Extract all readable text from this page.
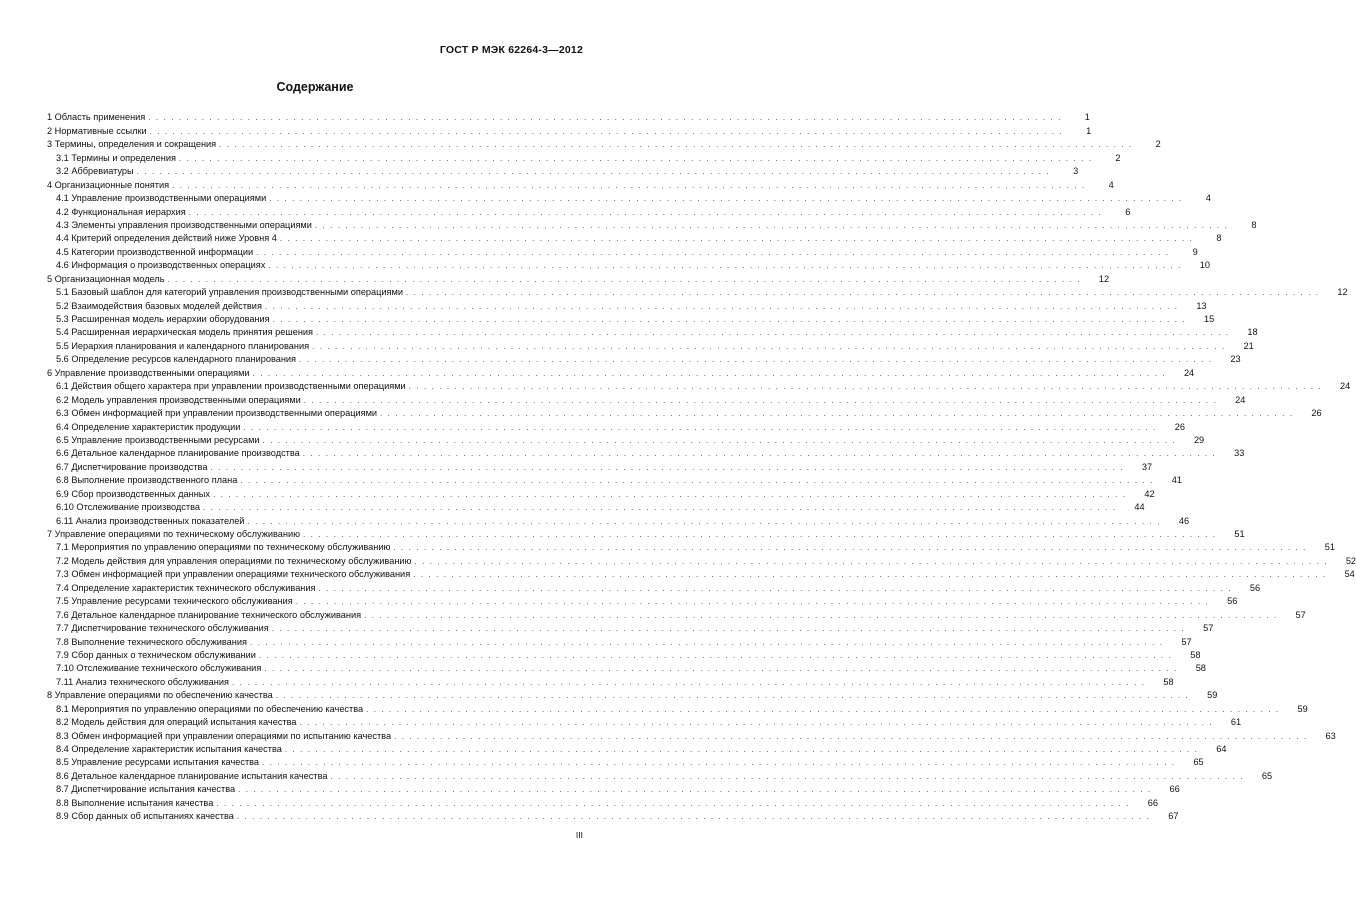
ГОСТ Р МЭК 62264-3—2012
Содержание
1 Область применения . . . . . . . . . . . . . . . . . . . . . . . . . . . . . . . . . . . . . . . . . . . . . . . . . . . . . . . . . . . . . . . . . . . . . . . . . . . . . . . . . . . . . . . . . . . . . . . . . . . . . . . . . . . . . . . . . . . . . . . .	1
2 Нормативные ссылки . . . . . . . . . . . . . . . . . . . . . . . . . . . . . . . . . . . . . . . . . . . . . . . . . . . . . . . . . . . . . . . . . . . . . . . . . . . . . . . . . . . . . . . . . . . . . . . . . . . . . . . . . . . . . . . . . . . . . . . .	1
3 Термины, определения и сокращения . . . . . . . . . . . . . . . . . . . . . . . . . . . . . . . . . . . . . . . . . . . . . . . . . . . . . . . . . . . . . . . . . . . . . . . . . . . . . . . . . . . . . . . . . . . . . . . . . . . . . . . . . . . . . . . . . . . . . . . .	2
3.1 Термины и определения . . . . . . . . . . . . . . . . . . . . . . . . . . . . . . . . . . . . . . . . . . . . . . . . . . . . . . . . . . . . . . . . . . . . . . . . . . . . . . . . . . . . . . . . . . . . . . . . . . . . . . . . . . . . . . . . . . . . . . . .	2
3.2 Аббревиатуры . . . . . . . . . . . . . . . . . . . . . . . . . . . . . . . . . . . . . . . . . . . . . . . . . . . . . . . . . . . . . . . . . . . . . . . . . . . . . . . . . . . . . . . . . . . . . . . . . . . . . . . . . . . . . . . . . . . . . . . .	3
4 Организационные понятия . . . . . . . . . . . . . . . . . . . . . . . . . . . . . . . . . . . . . . . . . . . . . . . . . . . . . . . . . . . . . . . . . . . . . . . . . . . . . . . . . . . . . . . . . . . . . . . . . . . . . . . . . . . . . . . . . . . . . . . .	4
4.1 Управление производственными операциями . . . . . . . . . . . . . . . . . . . . . . . . . . . . . . . . . . . . . . . . . . . . . . . . . . . . . . . . . . . . . . . . . . . . . . . . . . . . . . . . . . . . . . . . . . . . . . . . . . . . . . . . . . . . . . . . . . . . . . . .	4
4.2 Функциональная иерархия . . . . . . . . . . . . . . . . . . . . . . . . . . . . . . . . . . . . . . . . . . . . . . . . . . . . . . . . . . . . . . . . . . . . . . . . . . . . . . . . . . . . . . . . . . . . . . . . . . . . . . . . . . . . . . . . . . . . . . . .	6
4.3 Элементы управления производственными операциями . . . . . . . . . . . . . . . . . . . . . . . . . . . . . . . . . . . . . . . . . . . . . . . . . . . . . . . . . . . . . . . . . . . . . . . . . . . . . . . . . . . . . . . . . . . . . . . . . . . . . . . . . . . . . . . . . . . . . . . .	8
4.4 Критерий определения действий ниже Уровня 4 . . . . . . . . . . . . . . . . . . . . . . . . . . . . . . . . . . . . . . . . . . . . . . . . . . . . . . . . . . . . . . . . . . . . . . . . . . . . . . . . . . . . . . . . . . . . . . . . . . . . . . . . . . . . . . . . . . . . . . . .	8
4.5 Категории производственной информации . . . . . . . . . . . . . . . . . . . . . . . . . . . . . . . . . . . . . . . . . . . . . . . . . . . . . . . . . . . . . . . . . . . . . . . . . . . . . . . . . . . . . . . . . . . . . . . . . . . . . . . . . . . . . . . . . . . . . . . .	9
4.6 Информация о производственных операциях . . . . . . . . . . . . . . . . . . . . . . . . . . . . . . . . . . . . . . . . . . . . . . . . . . . . . . . . . . . . . . . . . . . . . . . . . . . . . . . . . . . . . . . . . . . . . . . . . . . . . . . . . . . . . . . . . . . . . . . .	10
5 Организационная модель . . . . . . . . . . . . . . . . . . . . . . . . . . . . . . . . . . . . . . . . . . . . . . . . . . . . . . . . . . . . . . . . . . . . . . . . . . . . . . . . . . . . . . . . . . . . . . . . . . . . . . . . . . . . . . . . . . . . . . . .	12
5.1 Базовый шаблон для категорий управления производственными операциями . . . . . . . . . . . . . . . . . . . . . . . . . . . . . . . . . . . . . . . . . . . . . . . . . . . . . . . . . . . . . . . . . . . . . . . . . . . . . . . . . . . . . . . . . . . . . . . . . . . . . . . . . . . . . . . . . . . . . . . .	12
5.2 Взаимодействия базовых моделей действия . . . . . . . . . . . . . . . . . . . . . . . . . . . . . . . . . . . . . . . . . . . . . . . . . . . . . . . . . . . . . . . . . . . . . . . . . . . . . . . . . . . . . . . . . . . . . . . . . . . . . . . . . . . . . . . . . . . . . . . .	13
5.3 Расширенная модель иерархии оборудования . . . . . . . . . . . . . . . . . . . . . . . . . . . . . . . . . . . . . . . . . . . . . . . . . . . . . . . . . . . . . . . . . . . . . . . . . . . . . . . . . . . . . . . . . . . . . . . . . . . . . . . . . . . . . . . . . . . . . . . .	15
5.4 Расширенная иерархическая модель принятия решения . . . . . . . . . . . . . . . . . . . . . . . . . . . . . . . . . . . . . . . . . . . . . . . . . . . . . . . . . . . . . . . . . . . . . . . . . . . . . . . . . . . . . . . . . . . . . . . . . . . . . . . . . . . . . . . . . . . . . . . .	18
5.5 Иерархия планирования и календарного планирования . . . . . . . . . . . . . . . . . . . . . . . . . . . . . . . . . . . . . . . . . . . . . . . . . . . . . . . . . . . . . . . . . . . . . . . . . . . . . . . . . . . . . . . . . . . . . . . . . . . . . . . . . . . . . . . . . . . . . . . .	21
5.6 Определение ресурсов календарного планирования . . . . . . . . . . . . . . . . . . . . . . . . . . . . . . . . . . . . . . . . . . . . . . . . . . . . . . . . . . . . . . . . . . . . . . . . . . . . . . . . . . . . . . . . . . . . . . . . . . . . . . . . . . . . . . . . . . . . . . . .	23
6 Управление производственными операциями . . . . . . . . . . . . . . . . . . . . . . . . . . . . . . . . . . . . . . . . . . . . . . . . . . . . . . . . . . . . . . . . . . . . . . . . . . . . . . . . . . . . . . . . . . . . . . . . . . . . . . . . . . . . . . . . . . . . . . . .	24
6.1 Действия общего характера при управлении производственными операциями . . . . . . . . . . . . . . . . . . . . . . . . . . . . . . . . . . . . . . . . . . . . . . . . . . . . . . . . . . . . . . . . . . . . . . . . . . . . . . . . . . . . . . . . . . . . . . . . . . . . . . . . . . . . . . . . . . . . . . . .	24
6.2 Модель управления производственными операциями . . . . . . . . . . . . . . . . . . . . . . . . . . . . . . . . . . . . . . . . . . . . . . . . . . . . . . . . . . . . . . . . . . . . . . . . . . . . . . . . . . . . . . . . . . . . . . . . . . . . . . . . . . . . . . . . . . . . . . . .	24
6.3 Обмен информацией при управлении производственными операциями . . . . . . . . . . . . . . . . . . . . . . . . . . . . . . . . . . . . . . . . . . . . . . . . . . . . . . . . . . . . . . . . . . . . . . . . . . . . . . . . . . . . . . . . . . . . . . . . . . . . . . . . . . . . . . . . . . . . . . . .	26
6.4 Определение характеристик продукции . . . . . . . . . . . . . . . . . . . . . . . . . . . . . . . . . . . . . . . . . . . . . . . . . . . . . . . . . . . . . . . . . . . . . . . . . . . . . . . . . . . . . . . . . . . . . . . . . . . . . . . . . . . . . . . . . . . . . . . .	26
6.5 Управление производственными ресурсами . . . . . . . . . . . . . . . . . . . . . . . . . . . . . . . . . . . . . . . . . . . . . . . . . . . . . . . . . . . . . . . . . . . . . . . . . . . . . . . . . . . . . . . . . . . . . . . . . . . . . . . . . . . . . . . . . . . . . . . .	29
6.6 Детальное календарное планирование производства . . . . . . . . . . . . . . . . . . . . . . . . . . . . . . . . . . . . . . . . . . . . . . . . . . . . . . . . . . . . . . . . . . . . . . . . . . . . . . . . . . . . . . . . . . . . . . . . . . . . . . . . . . . . . . . . . . . . . . . .	33
6.7 Диспетчирование производства . . . . . . . . . . . . . . . . . . . . . . . . . . . . . . . . . . . . . . . . . . . . . . . . . . . . . . . . . . . . . . . . . . . . . . . . . . . . . . . . . . . . . . . . . . . . . . . . . . . . . . . . . . . . . . . . . . . . . . . .	37
6.8 Выполнение производственного плана . . . . . . . . . . . . . . . . . . . . . . . . . . . . . . . . . . . . . . . . . . . . . . . . . . . . . . . . . . . . . . . . . . . . . . . . . . . . . . . . . . . . . . . . . . . . . . . . . . . . . . . . . . . . . . . . . . . . . . . .	41
6.9 Сбор производственных данных . . . . . . . . . . . . . . . . . . . . . . . . . . . . . . . . . . . . . . . . . . . . . . . . . . . . . . . . . . . . . . . . . . . . . . . . . . . . . . . . . . . . . . . . . . . . . . . . . . . . . . . . . . . . . . . . . . . . . . . .	42
6.10 Отслеживание производства . . . . . . . . . . . . . . . . . . . . . . . . . . . . . . . . . . . . . . . . . . . . . . . . . . . . . . . . . . . . . . . . . . . . . . . . . . . . . . . . . . . . . . . . . . . . . . . . . . . . . . . . . . . . . . . . . . . . . . . .	44
6.11 Анализ производственных показателей . . . . . . . . . . . . . . . . . . . . . . . . . . . . . . . . . . . . . . . . . . . . . . . . . . . . . . . . . . . . . . . . . . . . . . . . . . . . . . . . . . . . . . . . . . . . . . . . . . . . . . . . . . . . . . . . . . . . . . . .	46
7 Управление операциями по техническому обслуживанию . . . . . . . . . . . . . . . . . . . . . . . . . . . . . . . . . . . . . . . . . . . . . . . . . . . . . . . . . . . . . . . . . . . . . . . . . . . . . . . . . . . . . . . . . . . . . . . . . . . . . . . . . . . . . . . . . . . . . . . .	51
7.1 Мероприятия по управлению операциями по техническому обслуживанию . . . . . . . . . . . . . . . . . . . . . . . . . . . . . . . . . . . . . . . . . . . . . . . . . . . . . . . . . . . . . . . . . . . . . . . . . . . . . . . . . . . . . . . . . . . . . . . . . . . . . . . . . . . . . . . . . . . . . . . .	51
7.2 Модель действия для управления операциями по техническому обслуживанию . . . . . . . . . . . . . . . . . . . . . . . . . . . . . . . . . . . . . . . . . . . . . . . . . . . . . . . . . . . . . . . . . . . . . . . . . . . . . . . . . . . . . . . . . . . . . . . . . . . . . . . . . . . . . . . . . . . . . . . .	52
7.3 Обмен информацией при управлении операциями технического обслуживания . . . . . . . . . . . . . . . . . . . . . . . . . . . . . . . . . . . . . . . . . . . . . . . . . . . . . . . . . . . . . . . . . . . . . . . . . . . . . . . . . . . . . . . . . . . . . . . . . . . . . . . . . . . . . . . . . . . . . . . .	54
7.4 Определение характеристик технического обслуживания . . . . . . . . . . . . . . . . . . . . . . . . . . . . . . . . . . . . . . . . . . . . . . . . . . . . . . . . . . . . . . . . . . . . . . . . . . . . . . . . . . . . . . . . . . . . . . . . . . . . . . . . . . . . . . . . . . . . . . . .	56
7.5 Управление ресурсами технического обслуживания . . . . . . . . . . . . . . . . . . . . . . . . . . . . . . . . . . . . . . . . . . . . . . . . . . . . . . . . . . . . . . . . . . . . . . . . . . . . . . . . . . . . . . . . . . . . . . . . . . . . . . . . . . . . . . . . . . . . . . . .	56
7.6 Детальное календарное планирование технического обслуживания . . . . . . . . . . . . . . . . . . . . . . . . . . . . . . . . . . . . . . . . . . . . . . . . . . . . . . . . . . . . . . . . . . . . . . . . . . . . . . . . . . . . . . . . . . . . . . . . . . . . . . . . . . . . . . . . . . . . . . . .	57
7.7 Диспетчирование технического обслуживания . . . . . . . . . . . . . . . . . . . . . . . . . . . . . . . . . . . . . . . . . . . . . . . . . . . . . . . . . . . . . . . . . . . . . . . . . . . . . . . . . . . . . . . . . . . . . . . . . . . . . . . . . . . . . . . . . . . . . . . .	57
7.8 Выполнение технического обслуживания . . . . . . . . . . . . . . . . . . . . . . . . . . . . . . . . . . . . . . . . . . . . . . . . . . . . . . . . . . . . . . . . . . . . . . . . . . . . . . . . . . . . . . . . . . . . . . . . . . . . . . . . . . . . . . . . . . . . . . . .	57
7.9 Сбор данных о техническом обслуживании . . . . . . . . . . . . . . . . . . . . . . . . . . . . . . . . . . . . . . . . . . . . . . . . . . . . . . . . . . . . . . . . . . . . . . . . . . . . . . . . . . . . . . . . . . . . . . . . . . . . . . . . . . . . . . . . . . . . . . . .	58
7.10 Отслеживание технического обслуживания . . . . . . . . . . . . . . . . . . . . . . . . . . . . . . . . . . . . . . . . . . . . . . . . . . . . . . . . . . . . . . . . . . . . . . . . . . . . . . . . . . . . . . . . . . . . . . . . . . . . . . . . . . . . . . . . . . . . . . . .	58
7.11 Анализ технического обслуживания . . . . . . . . . . . . . . . . . . . . . . . . . . . . . . . . . . . . . . . . . . . . . . . . . . . . . . . . . . . . . . . . . . . . . . . . . . . . . . . . . . . . . . . . . . . . . . . . . . . . . . . . . . . . . . . . . . . . . . . .	58
8 Управление операциями по обеспечению качества . . . . . . . . . . . . . . . . . . . . . . . . . . . . . . . . . . . . . . . . . . . . . . . . . . . . . . . . . . . . . . . . . . . . . . . . . . . . . . . . . . . . . . . . . . . . . . . . . . . . . . . . . . . . . . . . . . . . . . . .	59
8.1 Мероприятия по управлению операциями по обеспечению качества . . . . . . . . . . . . . . . . . . . . . . . . . . . . . . . . . . . . . . . . . . . . . . . . . . . . . . . . . . . . . . . . . . . . . . . . . . . . . . . . . . . . . . . . . . . . . . . . . . . . . . . . . . . . . . . . . . . . . . . .	59
8.2 Модель действия для операций испытания качества . . . . . . . . . . . . . . . . . . . . . . . . . . . . . . . . . . . . . . . . . . . . . . . . . . . . . . . . . . . . . . . . . . . . . . . . . . . . . . . . . . . . . . . . . . . . . . . . . . . . . . . . . . . . . . . . . . . . . . . .	61
8.3 Обмен информацией при управлении операциями по испытанию качества . . . . . . . . . . . . . . . . . . . . . . . . . . . . . . . . . . . . . . . . . . . . . . . . . . . . . . . . . . . . . . . . . . . . . . . . . . . . . . . . . . . . . . . . . . . . . . . . . . . . . . . . . . . . . . . . . . . . . . . .	63
8.4 Определение характеристик испытания качества . . . . . . . . . . . . . . . . . . . . . . . . . . . . . . . . . . . . . . . . . . . . . . . . . . . . . . . . . . . . . . . . . . . . . . . . . . . . . . . . . . . . . . . . . . . . . . . . . . . . . . . . . . . . . . . . . . . . . . . .	64
8.5 Управление ресурсами испытания качества . . . . . . . . . . . . . . . . . . . . . . . . . . . . . . . . . . . . . . . . . . . . . . . . . . . . . . . . . . . . . . . . . . . . . . . . . . . . . . . . . . . . . . . . . . . . . . . . . . . . . . . . . . . . . . . . . . . . . . . .	65
8.6 Детальное календарное планирование испытания качества . . . . . . . . . . . . . . . . . . . . . . . . . . . . . . . . . . . . . . . . . . . . . . . . . . . . . . . . . . . . . . . . . . . . . . . . . . . . . . . . . . . . . . . . . . . . . . . . . . . . . . . . . . . . . . . . . . . . . . . .	65
8.7 Диспетчирование испытания качества . . . . . . . . . . . . . . . . . . . . . . . . . . . . . . . . . . . . . . . . . . . . . . . . . . . . . . . . . . . . . . . . . . . . . . . . . . . . . . . . . . . . . . . . . . . . . . . . . . . . . . . . . . . . . . . . . . . . . . . .	66
8.8 Выполнение испытания качества . . . . . . . . . . . . . . . . . . . . . . . . . . . . . . . . . . . . . . . . . . . . . . . . . . . . . . . . . . . . . . . . . . . . . . . . . . . . . . . . . . . . . . . . . . . . . . . . . . . . . . . . . . . . . . . . . . . . . . . .	66
8.9 Сбор данных об испытаниях качества . . . . . . . . . . . . . . . . . . . . . . . . . . . . . . . . . . . . . . . . . . . . . . . . . . . . . . . . . . . . . . . . . . . . . . . . . . . . . . . . . . . . . . . . . . . . . . . . . . . . . . . . . . . . . . . . . . . . . . . .	67
III
